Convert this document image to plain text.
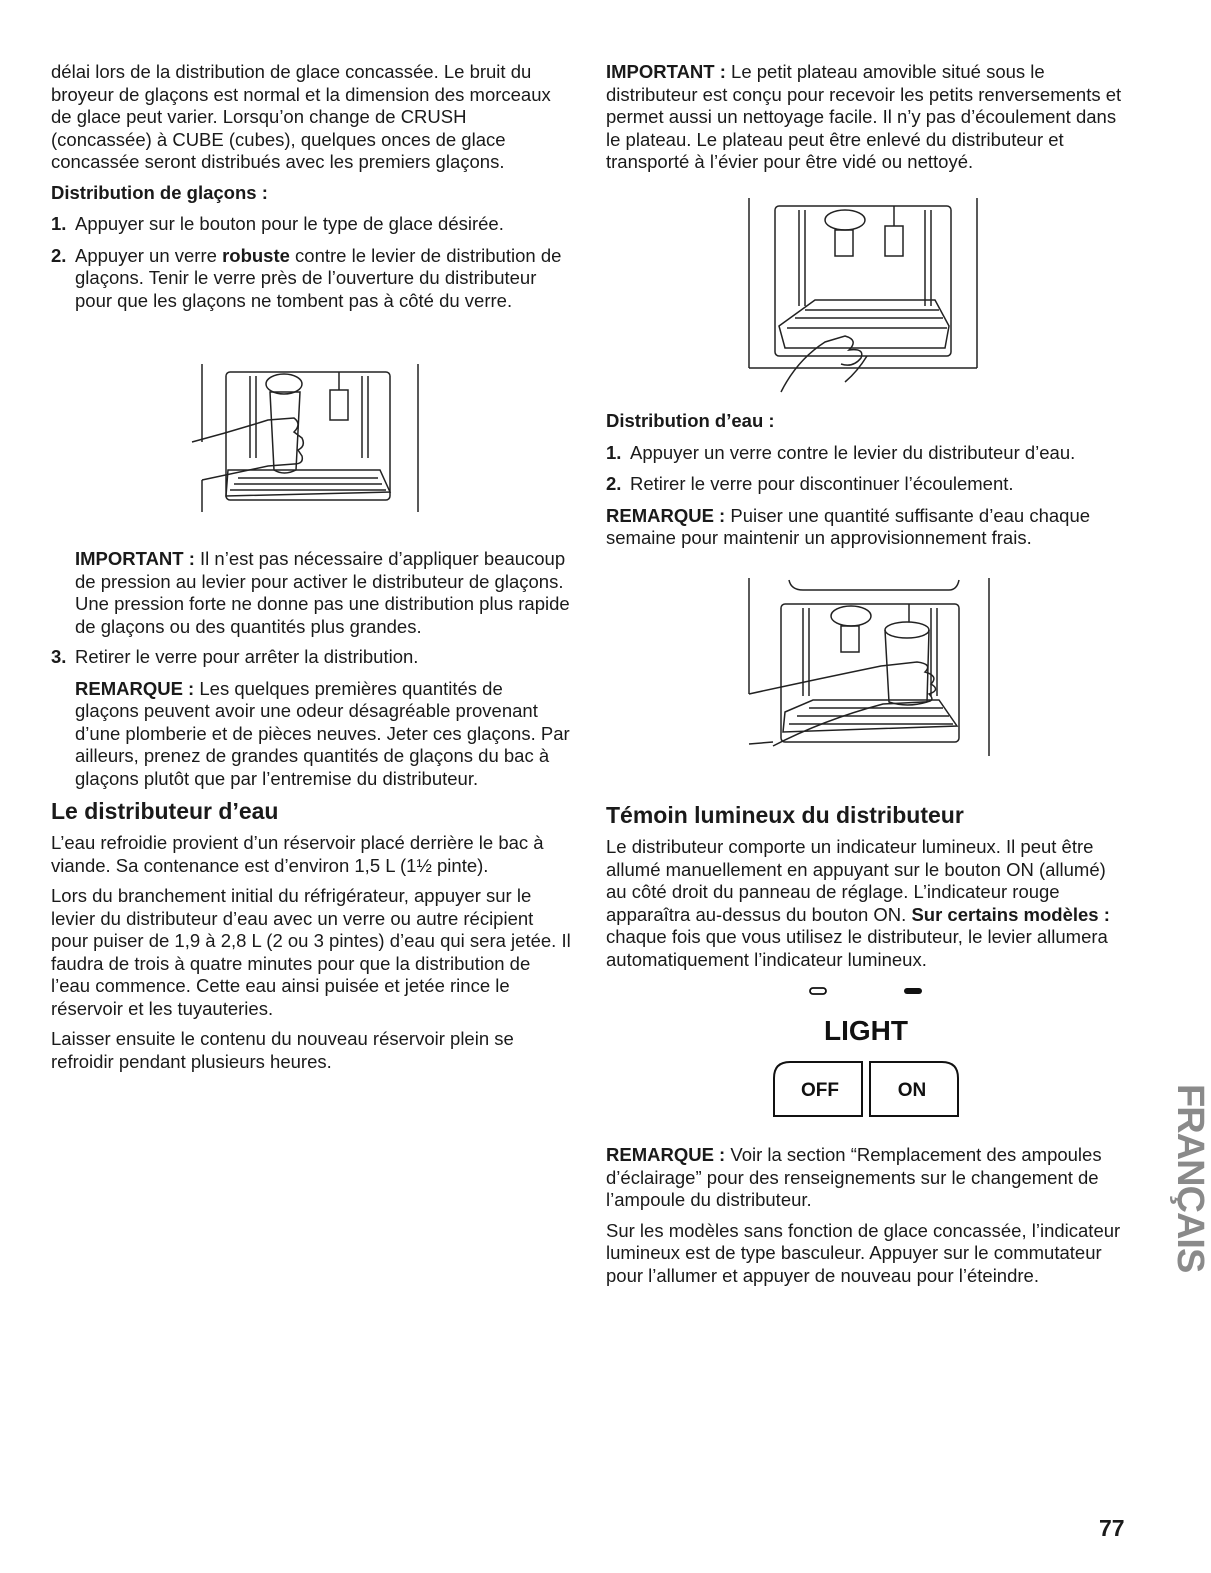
délai lors de la distribution de glace concassée. Le bruit du broyeur de glaçons est normal et la dimension des morceaux de glace peut varier. Lorsqu’on change de CRUSH (concassée) à CUBE (cubes), quelques onces de glace concassée seront distribués avec les premiers glaçons.

Distribution de glaçons :

1. Appuyer sur le bouton pour le type de glace désirée.
2. Appuyer un verre robuste contre le levier de distribution de glaçons. Tenir le verre près de l’ouverture du distributeur pour que les glaçons ne tombent pas à côté du verre.

IMPORTANT : Il n’est pas nécessaire d’appliquer beaucoup de pression au levier pour activer le distributeur de glaçons. Une pression forte ne donne pas une distribution plus rapide de glaçons ou des quantités plus grandes.

3. Retirer le verre pour arrêter la distribution.

REMARQUE : Les quelques premières quantités de glaçons peuvent avoir une odeur désagréable provenant d’une plomberie et de pièces neuves. Jeter ces glaçons. Par ailleurs, prenez de grandes quantités de glaçons du bac à glaçons plutôt que par l’entremise du distributeur.

Le distributeur d’eau

L’eau refroidie provient d’un réservoir placé derrière le bac à viande. Sa contenance est d’environ 1,5 L (1½ pinte).

Lors du branchement initial du réfrigérateur, appuyer sur le levier du distributeur d’eau avec un verre ou autre récipient pour puiser de 1,9 à 2,8 L (2 ou 3 pintes) d’eau qui sera jetée. Il faudra de trois à quatre minutes pour que la distribution de l’eau commence. Cette eau ainsi puisée et jetée rince le réservoir et les tuyauteries.

Laisser ensuite le contenu du nouveau réservoir plein se refroidir pendant plusieurs heures.

IMPORTANT : Le petit plateau amovible situé sous le distributeur est conçu pour recevoir les petits renversements et permet aussi un nettoyage facile. Il n’y pas d’écoulement dans le plateau. Le plateau peut être enlevé du distributeur et transporté à l’évier pour être vidé ou nettoyé.

Distribution d’eau :

1. Appuyer un verre contre le levier du distributeur d’eau.
2. Retirer le verre pour discontinuer l’écoulement.

REMARQUE : Puiser une quantité suffisante d’eau chaque semaine pour maintenir un approvisionnement frais.

Témoin lumineux du distributeur

Le distributeur comporte un indicateur lumineux. Il peut être allumé manuellement en appuyant sur le bouton ON (allumé) au côté droit du panneau de réglage. L’indicateur rouge apparaîtra au-dessus du bouton ON. Sur certains modèles : chaque fois que vous utilisez le distributeur, le levier allumera automatiquement l’indicateur lumineux.

LIGHT
OFF	ON

REMARQUE : Voir la section “Remplacement des ampoules d’éclairage” pour des renseignements sur le changement de l’ampoule du distributeur.

Sur les modèles sans fonction de glace concassée, l’indicateur lumineux est de type basculeur. Appuyer sur le commutateur pour l’allumer et appuyer de nouveau pour l’éteindre.

FRANÇAIS
77
